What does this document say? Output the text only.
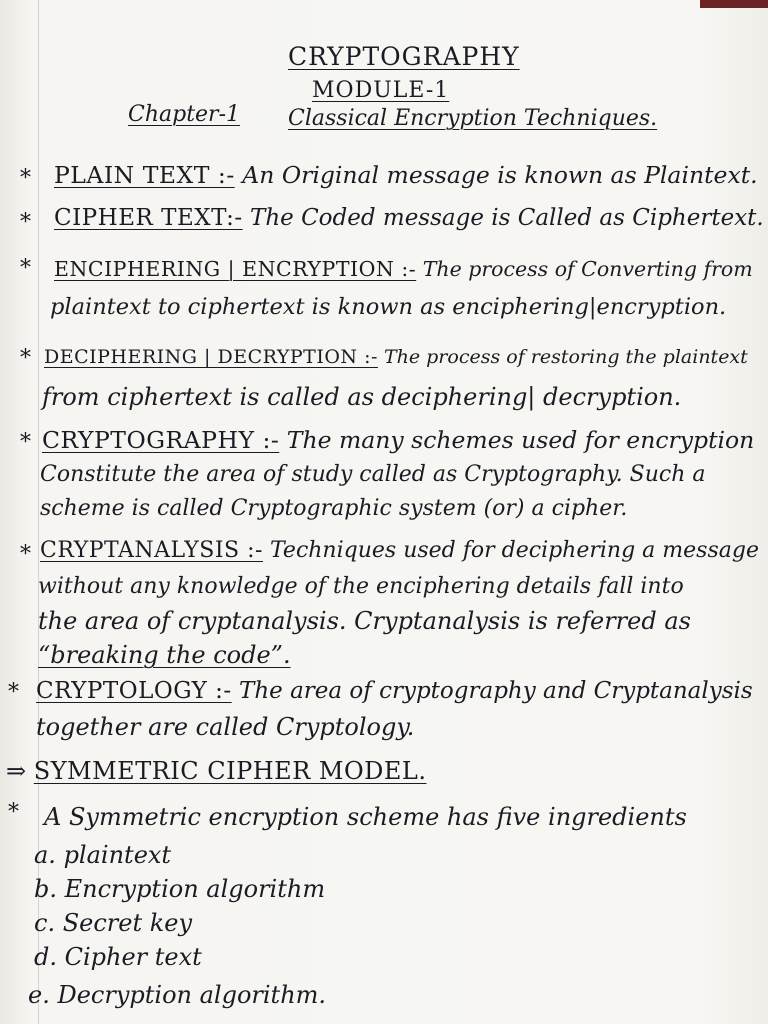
CRYPTOGRAPHY
MODULE-1
Chapter-1 Classical Encryption Techniques.
* PLAIN TEXT :- An Original message is known as Plaintext.
* CIPHER TEXT:- The Coded message is Called as Ciphertext.
* ENCIPHERING | ENCRYPTION :- The process of Converting from
plaintext to ciphertext is known as enciphering|encryption.
* DECIPHERING | DECRYPTION :- The process of restoring the plaintext
from ciphertext is called as deciphering| decryption.
* CRYPTOGRAPHY :- The many schemes used for encryption
Constitute the area of study called as Cryptography. Such a
scheme is called Cryptographic system (or) a cipher.
* CRYPTANALYSIS :- Techniques used for deciphering a message
without any knowledge of the enciphering details fall into
the area of cryptanalysis. Cryptanalysis is referred as
“breaking the code”.
* CRYPTOLOGY :- The area of cryptography and Cryptanalysis
together are called Cryptology.
⇒ SYMMETRIC CIPHER MODEL.
* A Symmetric encryption scheme has five ingredients
a. plaintext
b. Encryption algorithm
c. Secret key
d. Cipher text
e. Decryption algorithm.
